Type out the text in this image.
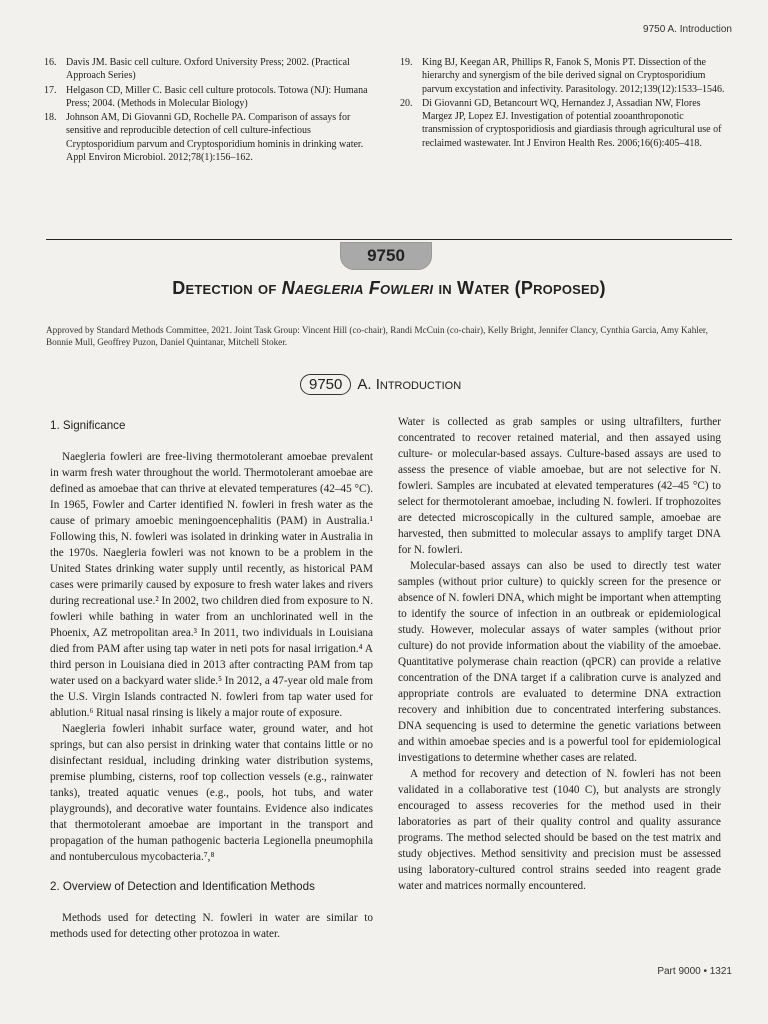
9750 A. Introduction
16. Davis JM. Basic cell culture. Oxford University Press; 2002. (Practical Approach Series)
17. Helgason CD, Miller C. Basic cell culture protocols. Totowa (NJ): Humana Press; 2004. (Methods in Molecular Biology)
18. Johnson AM, Di Giovanni GD, Rochelle PA. Comparison of assays for sensitive and reproducible detection of cell culture-infectious Cryptosporidium parvum and Cryptosporidium hominis in drinking water. Appl Environ Microbiol. 2012;78(1):156–162.
19. King BJ, Keegan AR, Phillips R, Fanok S, Monis PT. Dissection of the hierarchy and synergism of the bile derived signal on Cryptosporidium parvum excystation and infectivity. Parasitology. 2012;139(12):1533–1546.
20. Di Giovanni GD, Betancourt WQ, Hernandez J, Assadian NW, Flores Margez JP, Lopez EJ. Investigation of potential zooanthroponotic transmission of cryptosporidiosis and giardiasis through agricultural use of reclaimed wastewater. Int J Environ Health Res. 2006;16(6):405–418.
9750
Detection of Naegleria Fowleri in Water (Proposed)
Approved by Standard Methods Committee, 2021. Joint Task Group: Vincent Hill (co-chair), Randi McCuin (co-chair), Kelly Bright, Jennifer Clancy, Cynthia Garcia, Amy Kahler, Bonnie Mull, Geoffrey Puzon, Daniel Quintanar, Mitchell Stoker.
9750	A. Introduction
1. Significance

Naegleria fowleri are free-living thermotolerant amoebae prevalent in warm fresh water throughout the world. Thermotolerant amoebae are defined as amoebae that can thrive at elevated temperatures (42–45 °C). In 1965, Fowler and Carter identified N. fowleri in fresh water as the cause of primary amoebic meningoencephalitis (PAM) in Australia.¹ Following this, N. fowleri was isolated in drinking water in Australia in the 1970s. Naegleria fowleri was not known to be a problem in the United States drinking water supply until recently, as historical PAM cases were primarily caused by exposure to fresh water lakes and rivers during recreational use.² In 2002, two children died from exposure to N. fowleri while bathing in water from an unchlorinated well in the Phoenix, AZ metropolitan area.³ In 2011, two individuals in Louisiana died from PAM after using tap water in neti pots for nasal irrigation.⁴ A third person in Louisiana died in 2013 after contracting PAM from tap water used on a backyard water slide.⁵ In 2012, a 47-year old male from the U.S. Virgin Islands contracted N. fowleri from tap water used for ablution.⁶ Ritual nasal rinsing is likely a major route of exposure.

Naegleria fowleri inhabit surface water, ground water, and hot springs, but can also persist in drinking water that contains little or no disinfectant residual, including drinking water distribution systems, premise plumbing, cisterns, roof top collection vessels (e.g., rainwater tanks), treated aquatic venues (e.g., pools, hot tubs, and water playgrounds), and decorative water fountains. Evidence also indicates that thermotolerant amoebae are important in the transport and propagation of the human pathogenic bacteria Legionella pneumophila and nontuberculous mycobacteria.⁷,⁸

2. Overview of Detection and Identification Methods

Methods used for detecting N. fowleri in water are similar to methods used for detecting other protozoa in water.

Water is collected as grab samples or using ultrafilters, further concentrated to recover retained material, and then assayed using culture- or molecular-based assays. Culture-based assays are used to assess the presence of viable amoebae, but are not selective for N. fowleri. Samples are incubated at elevated temperatures (42–45 °C) to select for thermotolerant amoebae, including N. fowleri. If trophozoites are detected microscopically in the cultured sample, amoebae are harvested, then submitted to molecular assays to amplify target DNA for N. fowleri.

Molecular-based assays can also be used to directly test water samples (without prior culture) to quickly screen for the presence or absence of N. fowleri DNA, which might be important when attempting to identify the source of infection in an outbreak or epidemiological study. However, molecular assays of water samples (without prior culture) do not provide information about the viability of the amoebae. Quantitative polymerase chain reaction (qPCR) can provide a relative concentration of the DNA target if a calibration curve is analyzed and appropriate controls are evaluated to determine DNA extraction recovery and inhibition due to concentrated interfering substances. DNA sequencing is used to determine the genetic variations between and within amoebae species and is a powerful tool for epidemiological investigations to determine whether cases are related.

A method for recovery and detection of N. fowleri has not been validated in a collaborative test (1040 C), but analysts are strongly encouraged to assess recoveries for the method used in their laboratories as part of their quality control and quality assurance programs. The method selected should be based on the test matrix and study objectives. Method sensitivity and precision must be assessed using laboratory-cultured control strains seeded into reagent grade water and matrices normally encountered.

Part 9000 • 1321
